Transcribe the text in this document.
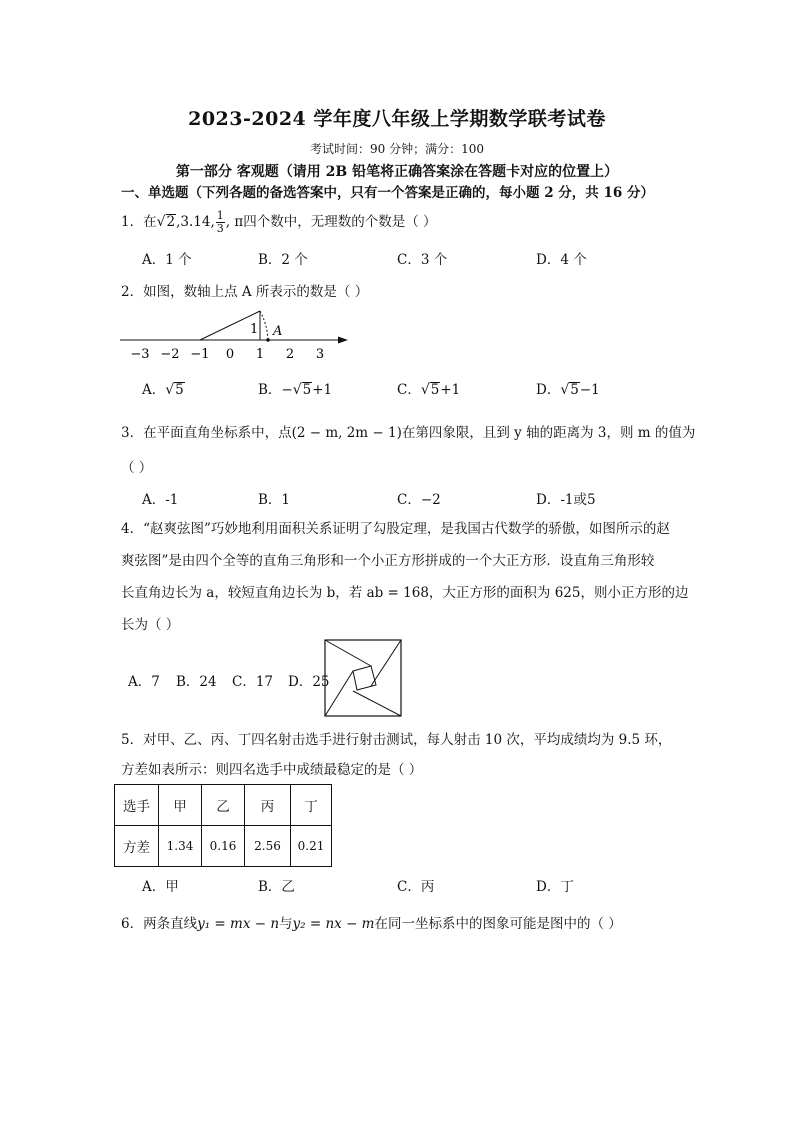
2023-2024 学年度八年级上学期数学联考试卷
考试时间：90 分钟；满分：100
第一部分 客观题（请用 2B 铅笔将正确答案涂在答题卡对应的位置上）
一、单选题（下列各题的备选答案中，只有一个答案是正确的，每小题 2 分，共 16 分）
1．在√2,3.14, $\frac{1}{3}$ , π四个数中，无理数的个数是（ ）
A．1 个	B．2 个	C．3 个	D．4 个
2．如图，数轴上点 A 所表示的数是（ ）
1 A
−3 −2 −1 0 1 2 3
A．√5	B．−√5+1	C．√5+1	D．√5−1
3．在平面直角坐标系中，点(2 − m, 2m − 1)在第四象限，且到 y 轴的距离为 3，则 m 的值为
（ ）
A．-1	B．1	C．−2	D．-1或5
4．“赵爽弦图”巧妙地利用面积关系证明了勾股定理，是我国古代数学的骄傲，如图所示的赵
爽弦图”是由四个全等的直角三角形和一个小正方形拼成的一个大正方形．设直角三角形较
长直角边长为 a，较短直角边长为 b，若 ab = 168，大正方形的面积为 625，则小正方形的边
长为（ ）
A．7 B．24 C．17 D．25
5．对甲、乙、丙、丁四名射击选手进行射击测试，每人射击 10 次，平均成绩均为 9.5 环，
方差如表所示：则四名选手中成绩最稳定的是（ ）
选手	甲	乙	丙	丁
方差	1.34	0.16	2.56	0.21
A．甲	B．乙	C．丙	D．丁
6．两条直线y₁ = mx − n与y₂ = nx − m在同一坐标系中的图象可能是图中的（ ）
